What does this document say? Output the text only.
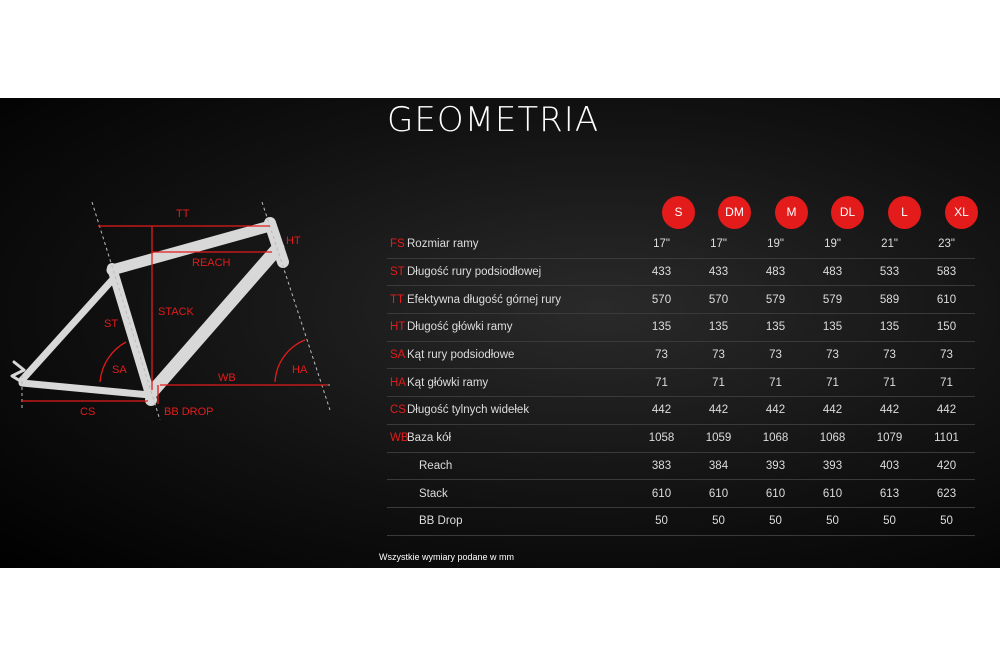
GEOMETRIA
TT
HT
REACH
ST
STACK
SA	HA
WB
CS	BB DROP
S	DM	M	DL	L	XL
FS Rozmiar ramy	17"	17"	19"	19"	21"	23"
ST Długość rury podsiodłowej	433	433	483	483	533	583
TT Efektywna długość górnej rury	570	570	579	579	589	610
HT Długość główki ramy	135	135	135	135	135	150
SA Kąt rury podsiodłowe	73	73	73	73	73	73
HAKąt główki ramy	71	71	71	71	71	71
CSDługość tylnych widełek	442	442	442	442	442	442
WBBaza kół	1058	1059	1068	1068	1079	1101
Reach	383	384	393	393	403	420
Stack	610	610	610	610	613	623
BB Drop	50	50	50	50	50	50
Wszystkie wymiary podane w mm
